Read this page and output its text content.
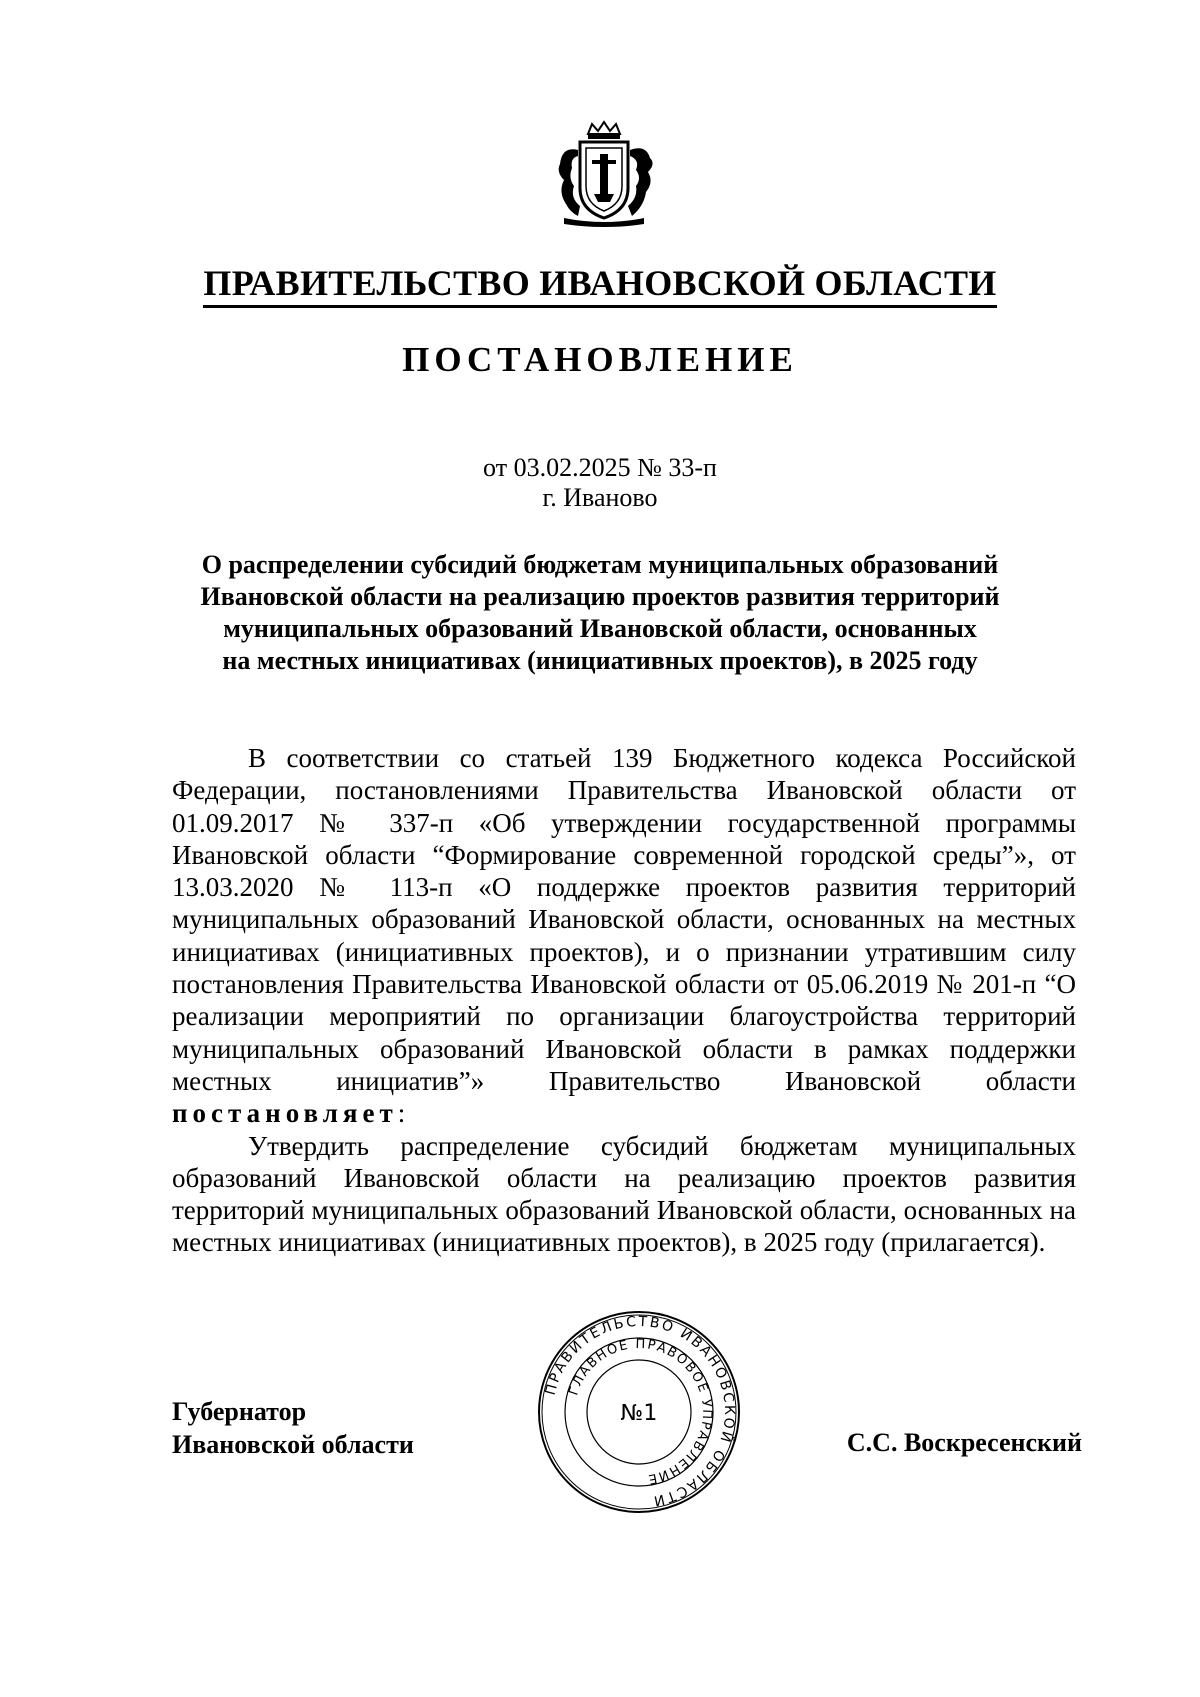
ПРАВИТЕЛЬСТВО ИВАНОВСКОЙ ОБЛАСТИ
ПОСТАНОВЛЕНИЕ
от 03.02.2025 № 33-п
г. Иваново
О распределении субсидий бюджетам муниципальных образований
Ивановской области на реализацию проектов развития территорий
муниципальных образований Ивановской области, основанных
на местных инициативах (инициативных проектов), в 2025 году

В соответствии со статьей 139 Бюджетного кодекса Российской Федерации, постановлениями Правительства Ивановской области от 01.09.2017 № 337-п «Об утверждении государственной программы Ивановской области “Формирование современной городской среды”», от 13.03.2020 № 113-п «О поддержке проектов развития территорий муниципальных образований Ивановской области, основанных на местных инициативах (инициативных проектов), и о признании утратившим силу постановления Правительства Ивановской области от 05.06.2019 № 201-п “О реализации мероприятий по организации благоустройства территорий муниципальных образований Ивановской области в рамках поддержки местных инициатив”» Правительство Ивановской области постановляет:

Утвердить распределение субсидий бюджетам муниципальных образований Ивановской области на реализацию проектов развития территорий муниципальных образований Ивановской области, основанных на местных инициативах (инициативных проектов), в 2025 году (прилагается).

Губернатор
Ивановской области
ПРАВИТЕЛЬСТВО ИВАНОВСКОЙ ОБЛАСТИ
ГЛАВНОЕ ПРАВОВОЕ УПРАВЛЕНИЕ
№1
С.С. Воскресенский
